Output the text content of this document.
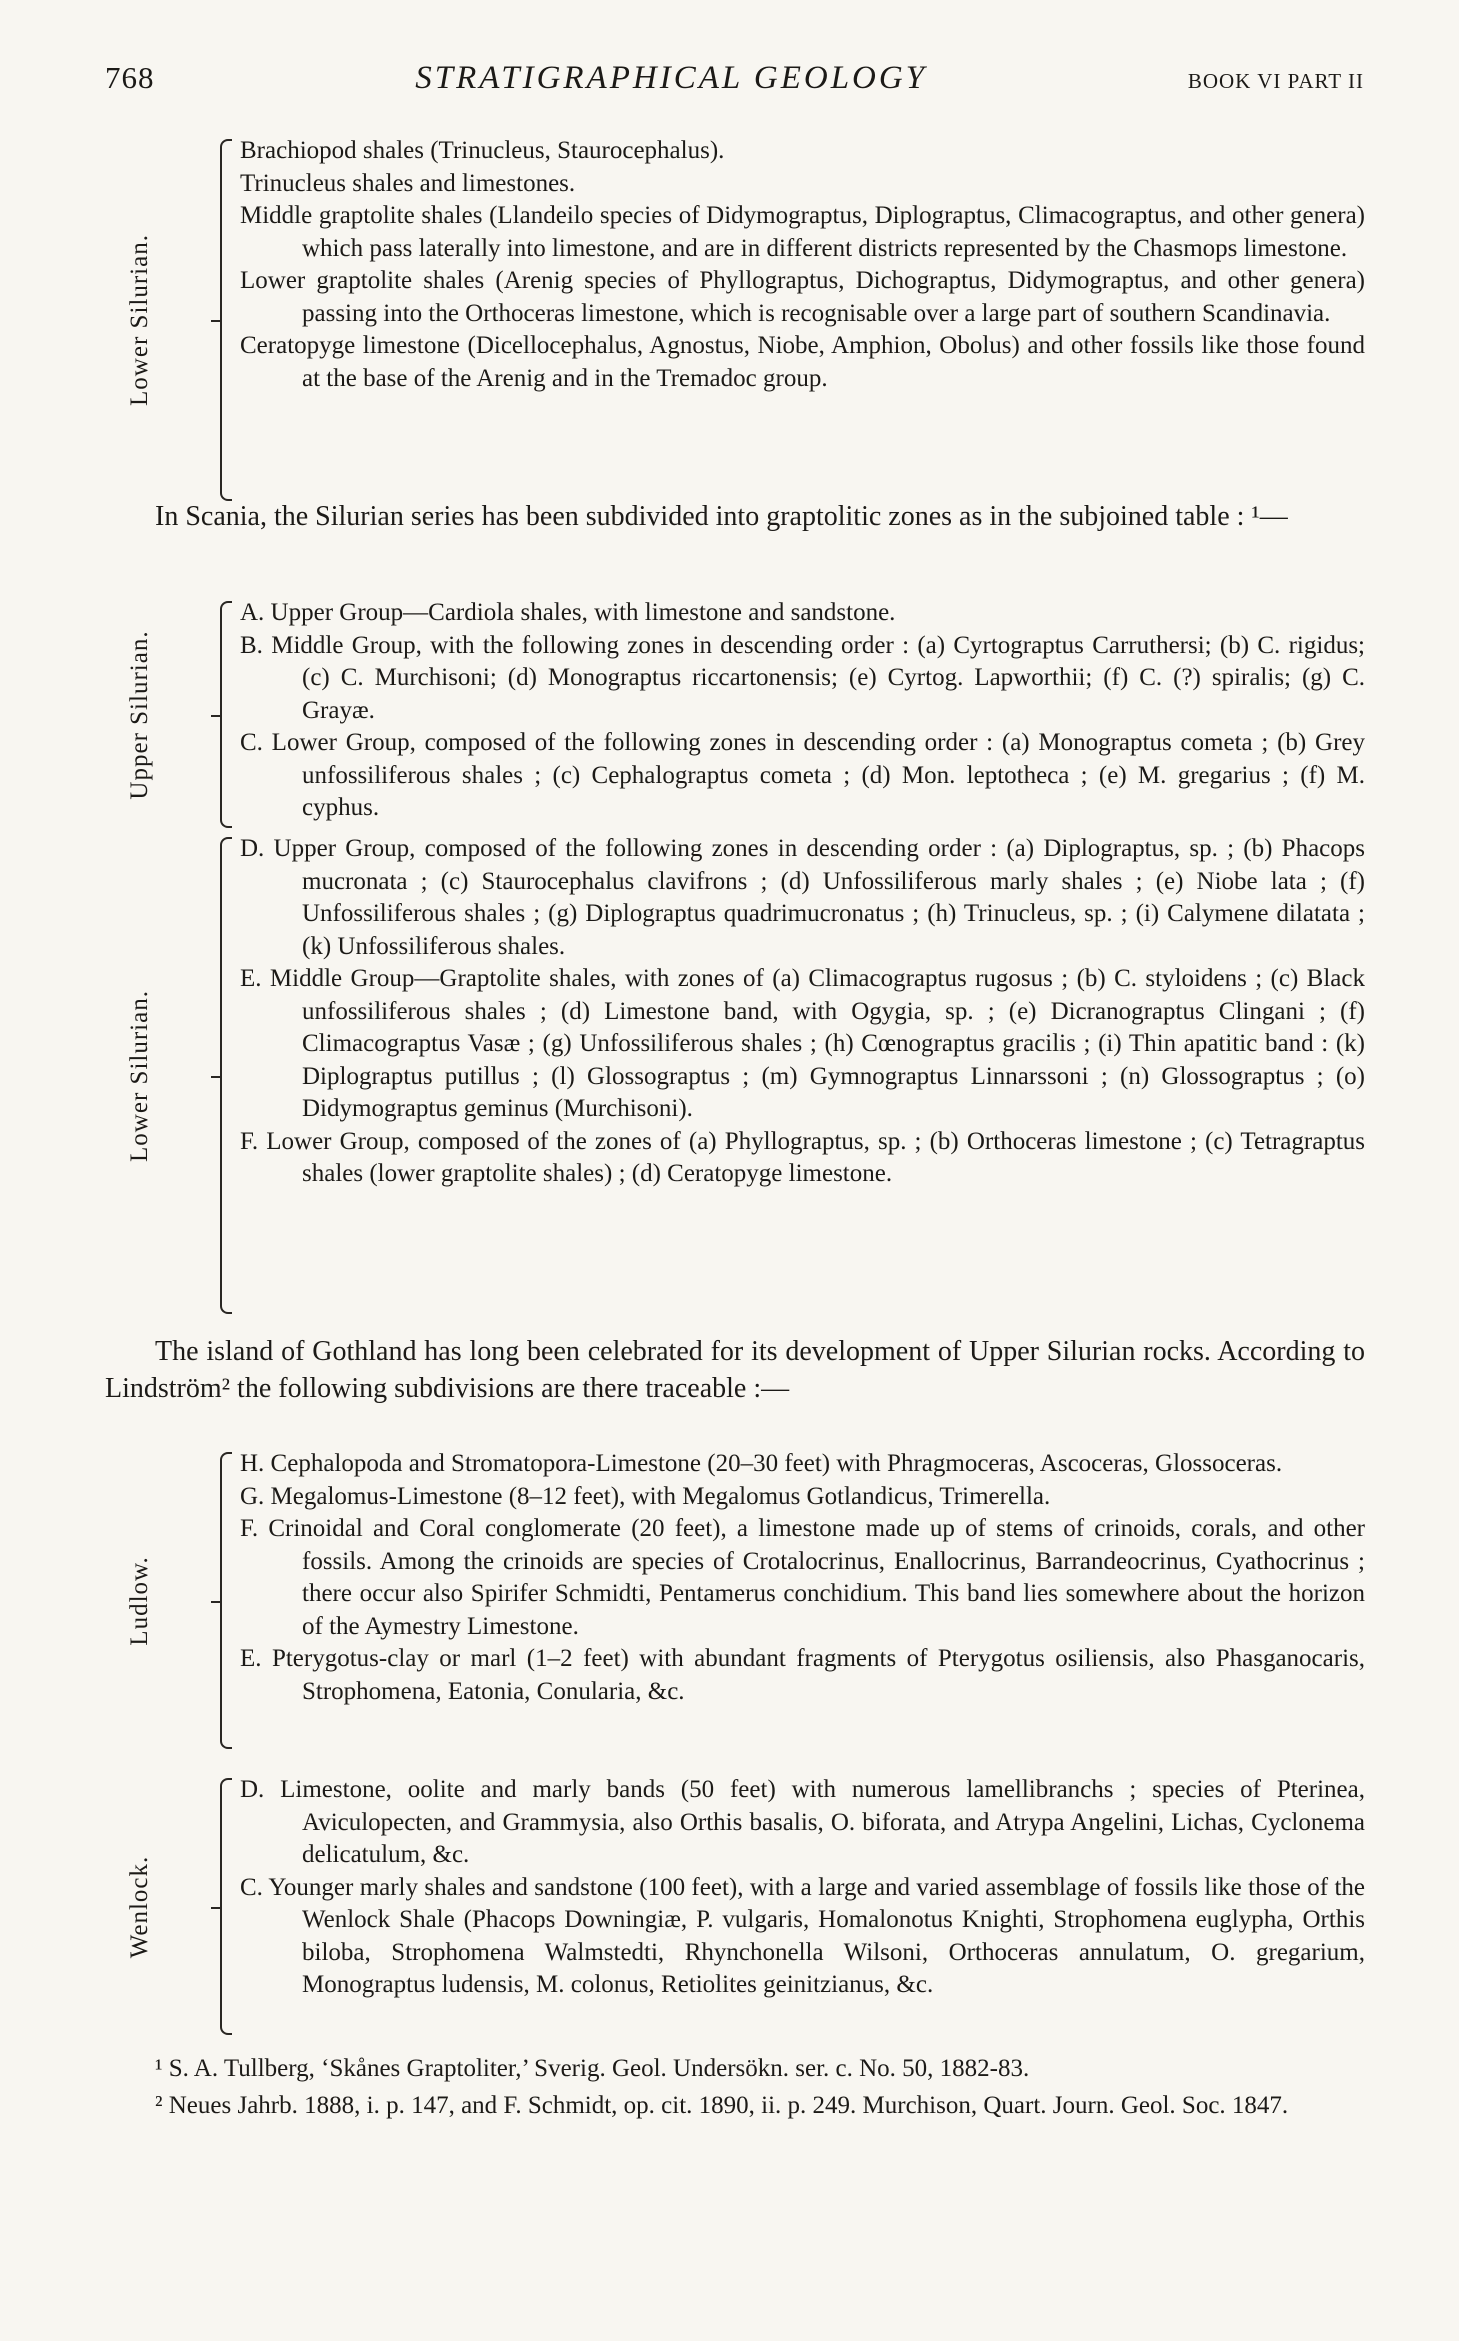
768	STRATIGRAPHICAL GEOLOGY	BOOK VI PART II
Lower Silurian.
Brachiopod shales (Trinucleus, Staurocephalus).
Trinucleus shales and limestones.
Middle graptolite shales (Llandeilo species of Didymograptus, Diplograptus, Climacograptus, and other genera) which pass laterally into limestone, and are in different districts represented by the Chasmops limestone.
Lower graptolite shales (Arenig species of Phyllograptus, Dichograptus, Didymograptus, and other genera) passing into the Orthoceras limestone, which is recognisable over a large part of southern Scandinavia.
Ceratopyge limestone (Dicellocephalus, Agnostus, Niobe, Amphion, Obolus) and other fossils like those found at the base of the Arenig and in the Tremadoc group.

In Scania, the Silurian series has been subdivided into graptolitic zones as in the subjoined table : ¹—

Upper Silurian.
A. Upper Group—Cardiola shales, with limestone and sandstone.
B. Middle Group, with the following zones in descending order : (a) Cyrtograptus Carruthersi; (b) C. rigidus; (c) C. Murchisoni; (d) Monograptus riccartonensis; (e) Cyrtog. Lapworthii; (f) C. (?) spiralis; (g) C. Grayæ.
C. Lower Group, composed of the following zones in descending order : (a) Monograptus cometa ; (b) Grey unfossiliferous shales ; (c) Cephalograptus cometa ; (d) Mon. leptotheca ; (e) M. gregarius ; (f) M. cyphus.
Lower Silurian.
D. Upper Group, composed of the following zones in descending order : (a) Diplograptus, sp. ; (b) Phacops mucronata ; (c) Staurocephalus clavifrons ; (d) Unfossiliferous marly shales ; (e) Niobe lata ; (f) Unfossiliferous shales ; (g) Diplograptus quadrimucronatus ; (h) Trinucleus, sp. ; (i) Calymene dilatata ; (k) Unfossiliferous shales.
E. Middle Group—Graptolite shales, with zones of (a) Climacograptus rugosus ; (b) C. styloidens ; (c) Black unfossiliferous shales ; (d) Limestone band, with Ogygia, sp. ; (e) Dicranograptus Clingani ; (f) Climacograptus Vasæ ; (g) Unfossiliferous shales ; (h) Cœnograptus gracilis ; (i) Thin apatitic band : (k) Diplograptus putillus ; (l) Glossograptus ; (m) Gymnograptus Linnarssoni ; (n) Glossograptus ; (o) Didymograptus geminus (Murchisoni).
F. Lower Group, composed of the zones of (a) Phyllograptus, sp. ; (b) Orthoceras limestone ; (c) Tetragraptus shales (lower graptolite shales) ; (d) Ceratopyge limestone.

The island of Gothland has long been celebrated for its development of Upper Silurian rocks. According to Lindström² the following subdivisions are there traceable :—

Ludlow.
H. Cephalopoda and Stromatopora-Limestone (20–30 feet) with Phragmoceras, Ascoceras, Glossoceras.
G. Megalomus-Limestone (8–12 feet), with Megalomus Gotlandicus, Trimerella.
F. Crinoidal and Coral conglomerate (20 feet), a limestone made up of stems of crinoids, corals, and other fossils. Among the crinoids are species of Crotalocrinus, Enallocrinus, Barrandeocrinus, Cyathocrinus ; there occur also Spirifer Schmidti, Pentamerus conchidium. This band lies somewhere about the horizon of the Aymestry Limestone.
E. Pterygotus-clay or marl (1–2 feet) with abundant fragments of Pterygotus osiliensis, also Phasganocaris, Strophomena, Eatonia, Conularia, &c.
Wenlock.
D. Limestone, oolite and marly bands (50 feet) with numerous lamellibranchs ; species of Pterinea, Aviculopecten, and Grammysia, also Orthis basalis, O. biforata, and Atrypa Angelini, Lichas, Cyclonema delicatulum, &c.
C. Younger marly shales and sandstone (100 feet), with a large and varied assemblage of fossils like those of the Wenlock Shale (Phacops Downingiæ, P. vulgaris, Homalonotus Knighti, Strophomena euglypha, Orthis biloba, Strophomena Walmstedti, Rhynchonella Wilsoni, Orthoceras annulatum, O. gregarium, Monograptus ludensis, M. colonus, Retiolites geinitzianus, &c.
¹ S. A. Tullberg, ‘Skånes Graptoliter,’ Sverig. Geol. Undersökn. ser. c. No. 50, 1882-83.
² Neues Jahrb. 1888, i. p. 147, and F. Schmidt, op. cit. 1890, ii. p. 249. Murchison, Quart. Journ. Geol. Soc. 1847.
